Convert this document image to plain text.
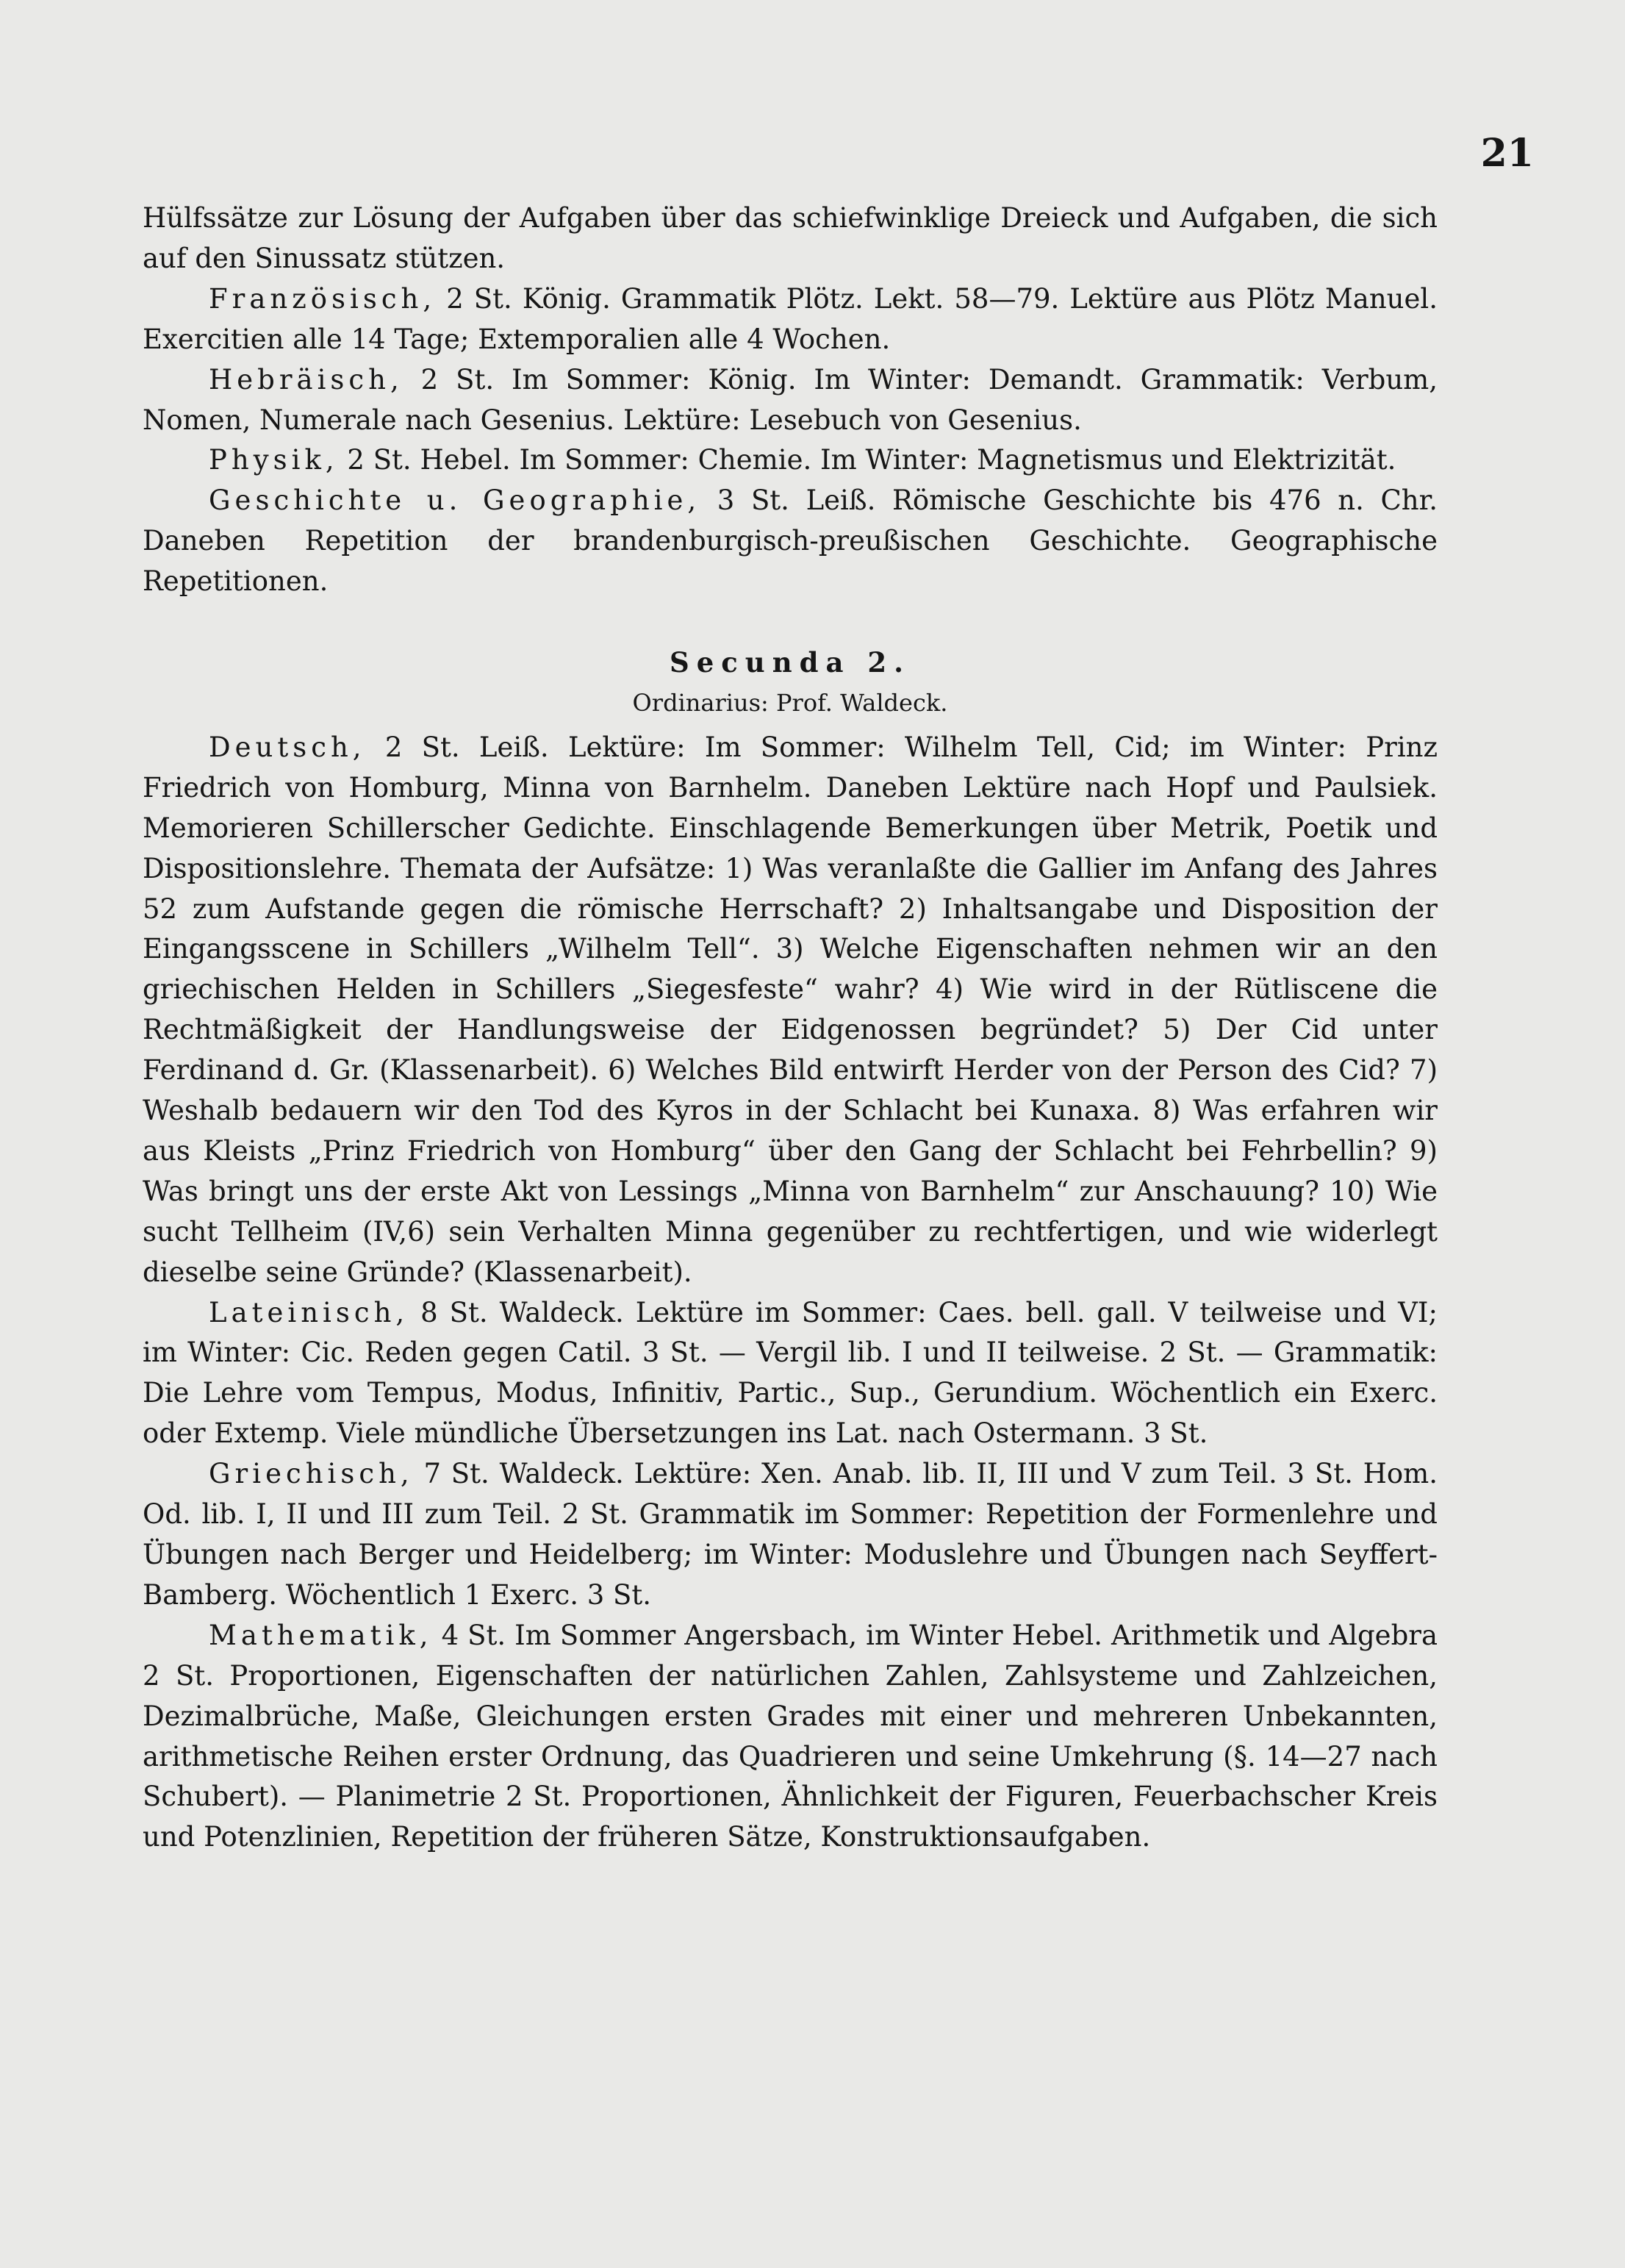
21

Hülfssätze zur Lösung der Aufgaben über das schiefwinklige Dreieck und Aufgaben, die sich auf den Sinussatz stützen.

Französisch, 2 St. König. Grammatik Plötz. Lekt. 58—79. Lektüre aus Plötz Manuel. Exercitien alle 14 Tage; Extemporalien alle 4 Wochen.

Hebräisch, 2 St. Im Sommer: König. Im Winter: Demandt. Grammatik: Verbum, Nomen, Numerale nach Gesenius. Lektüre: Lesebuch von Gesenius.

Physik, 2 St. Hebel. Im Sommer: Chemie. Im Winter: Magnetismus und Elektrizität.

Geschichte u. Geographie, 3 St. Leiß. Römische Geschichte bis 476 n. Chr. Daneben Repetition der brandenburgisch-preußischen Geschichte. Geographische Repetitionen.

Secunda 2.

Ordinarius: Prof. Waldeck.

Deutsch, 2 St. Leiß. Lektüre: Im Sommer: Wilhelm Tell, Cid; im Winter: Prinz Friedrich von Homburg, Minna von Barnhelm. Daneben Lektüre nach Hopf und Paulsiek. Memorieren Schillerscher Gedichte. Einschlagende Bemerkungen über Metrik, Poetik und Dispositionslehre. Themata der Aufsätze: 1) Was veranlaßte die Gallier im Anfang des Jahres 52 zum Aufstande gegen die römische Herrschaft? 2) Inhaltsangabe und Disposition der Eingangsscene in Schillers „Wilhelm Tell“. 3) Welche Eigenschaften nehmen wir an den griechischen Helden in Schillers „Siegesfeste“ wahr? 4) Wie wird in der Rütliscene die Rechtmäßigkeit der Handlungsweise der Eidgenossen begründet? 5) Der Cid unter Ferdinand d. Gr. (Klassenarbeit). 6) Welches Bild entwirft Herder von der Person des Cid? 7) Weshalb bedauern wir den Tod des Kyros in der Schlacht bei Kunaxa. 8) Was erfahren wir aus Kleists „Prinz Friedrich von Homburg“ über den Gang der Schlacht bei Fehrbellin? 9) Was bringt uns der erste Akt von Lessings „Minna von Barnhelm“ zur Anschauung? 10) Wie sucht Tellheim (IV,6) sein Verhalten Minna gegenüber zu rechtfertigen, und wie widerlegt dieselbe seine Gründe? (Klassenarbeit).

Lateinisch, 8 St. Waldeck. Lektüre im Sommer: Caes. bell. gall. V teilweise und VI; im Winter: Cic. Reden gegen Catil. 3 St. — Vergil lib. I und II teilweise. 2 St. — Grammatik: Die Lehre vom Tempus, Modus, Infinitiv, Partic., Sup., Gerundium. Wöchentlich ein Exerc. oder Extemp. Viele mündliche Übersetzungen ins Lat. nach Ostermann. 3 St.

Griechisch, 7 St. Waldeck. Lektüre: Xen. Anab. lib. II, III und V zum Teil. 3 St. Hom. Od. lib. I, II und III zum Teil. 2 St. Grammatik im Sommer: Repetition der Formenlehre und Übungen nach Berger und Heidelberg; im Winter: Moduslehre und Übungen nach Seyffert-Bamberg. Wöchentlich 1 Exerc. 3 St.

Mathematik, 4 St. Im Sommer Angersbach, im Winter Hebel. Arithmetik und Algebra 2 St. Proportionen, Eigenschaften der natürlichen Zahlen, Zahlsysteme und Zahlzeichen, Dezimalbrüche, Maße, Gleichungen ersten Grades mit einer und mehreren Unbekannten, arithmetische Reihen erster Ordnung, das Quadrieren und seine Umkehrung (§. 14—27 nach Schubert). — Planimetrie 2 St. Proportionen, Ähnlichkeit der Figuren, Feuerbachscher Kreis und Potenzlinien, Repetition der früheren Sätze, Konstruktionsaufgaben.
